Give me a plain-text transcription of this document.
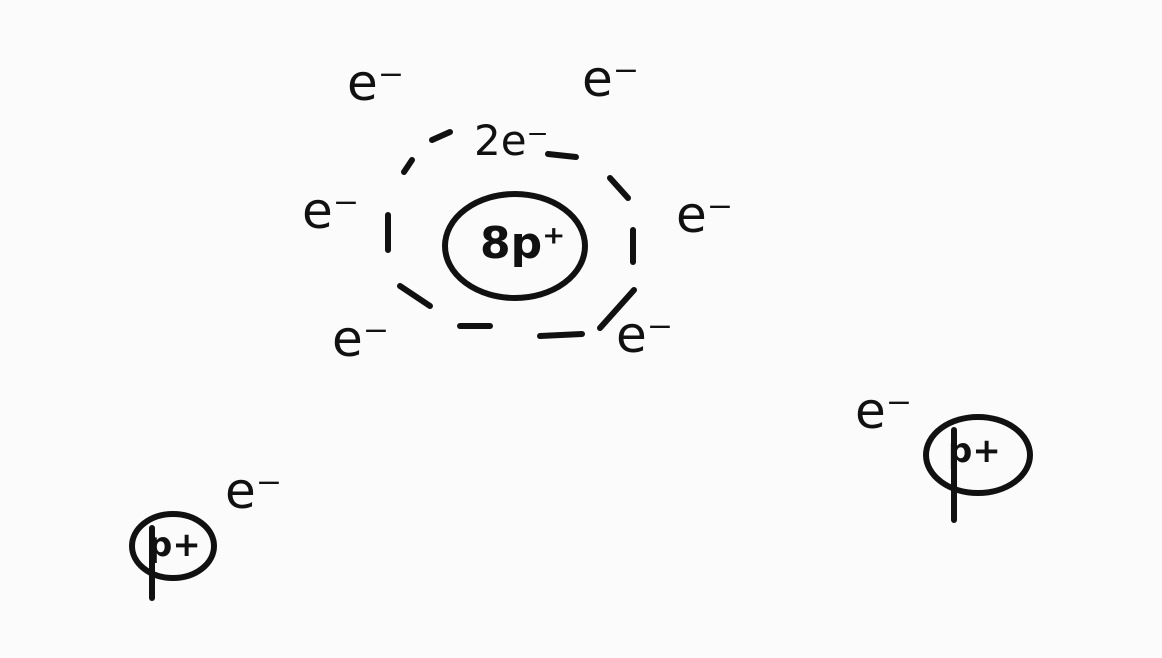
8p⁺
2e⁻
e⁻	e⁻
e⁻	e⁻
e⁻	e⁻
p+
e⁻
p+
e⁻
